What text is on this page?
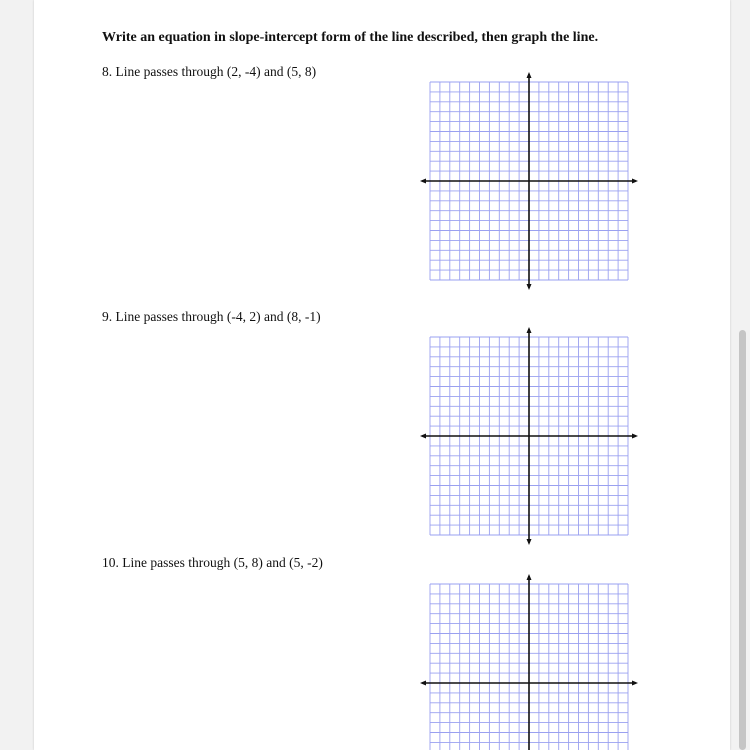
Write an equation in slope-intercept form of the line described, then graph the line.
8. Line passes through (2, -4) and (5, 8)
9. Line passes through (-4, 2) and (8, -1)
10. Line passes through (5, 8) and (5, -2)
